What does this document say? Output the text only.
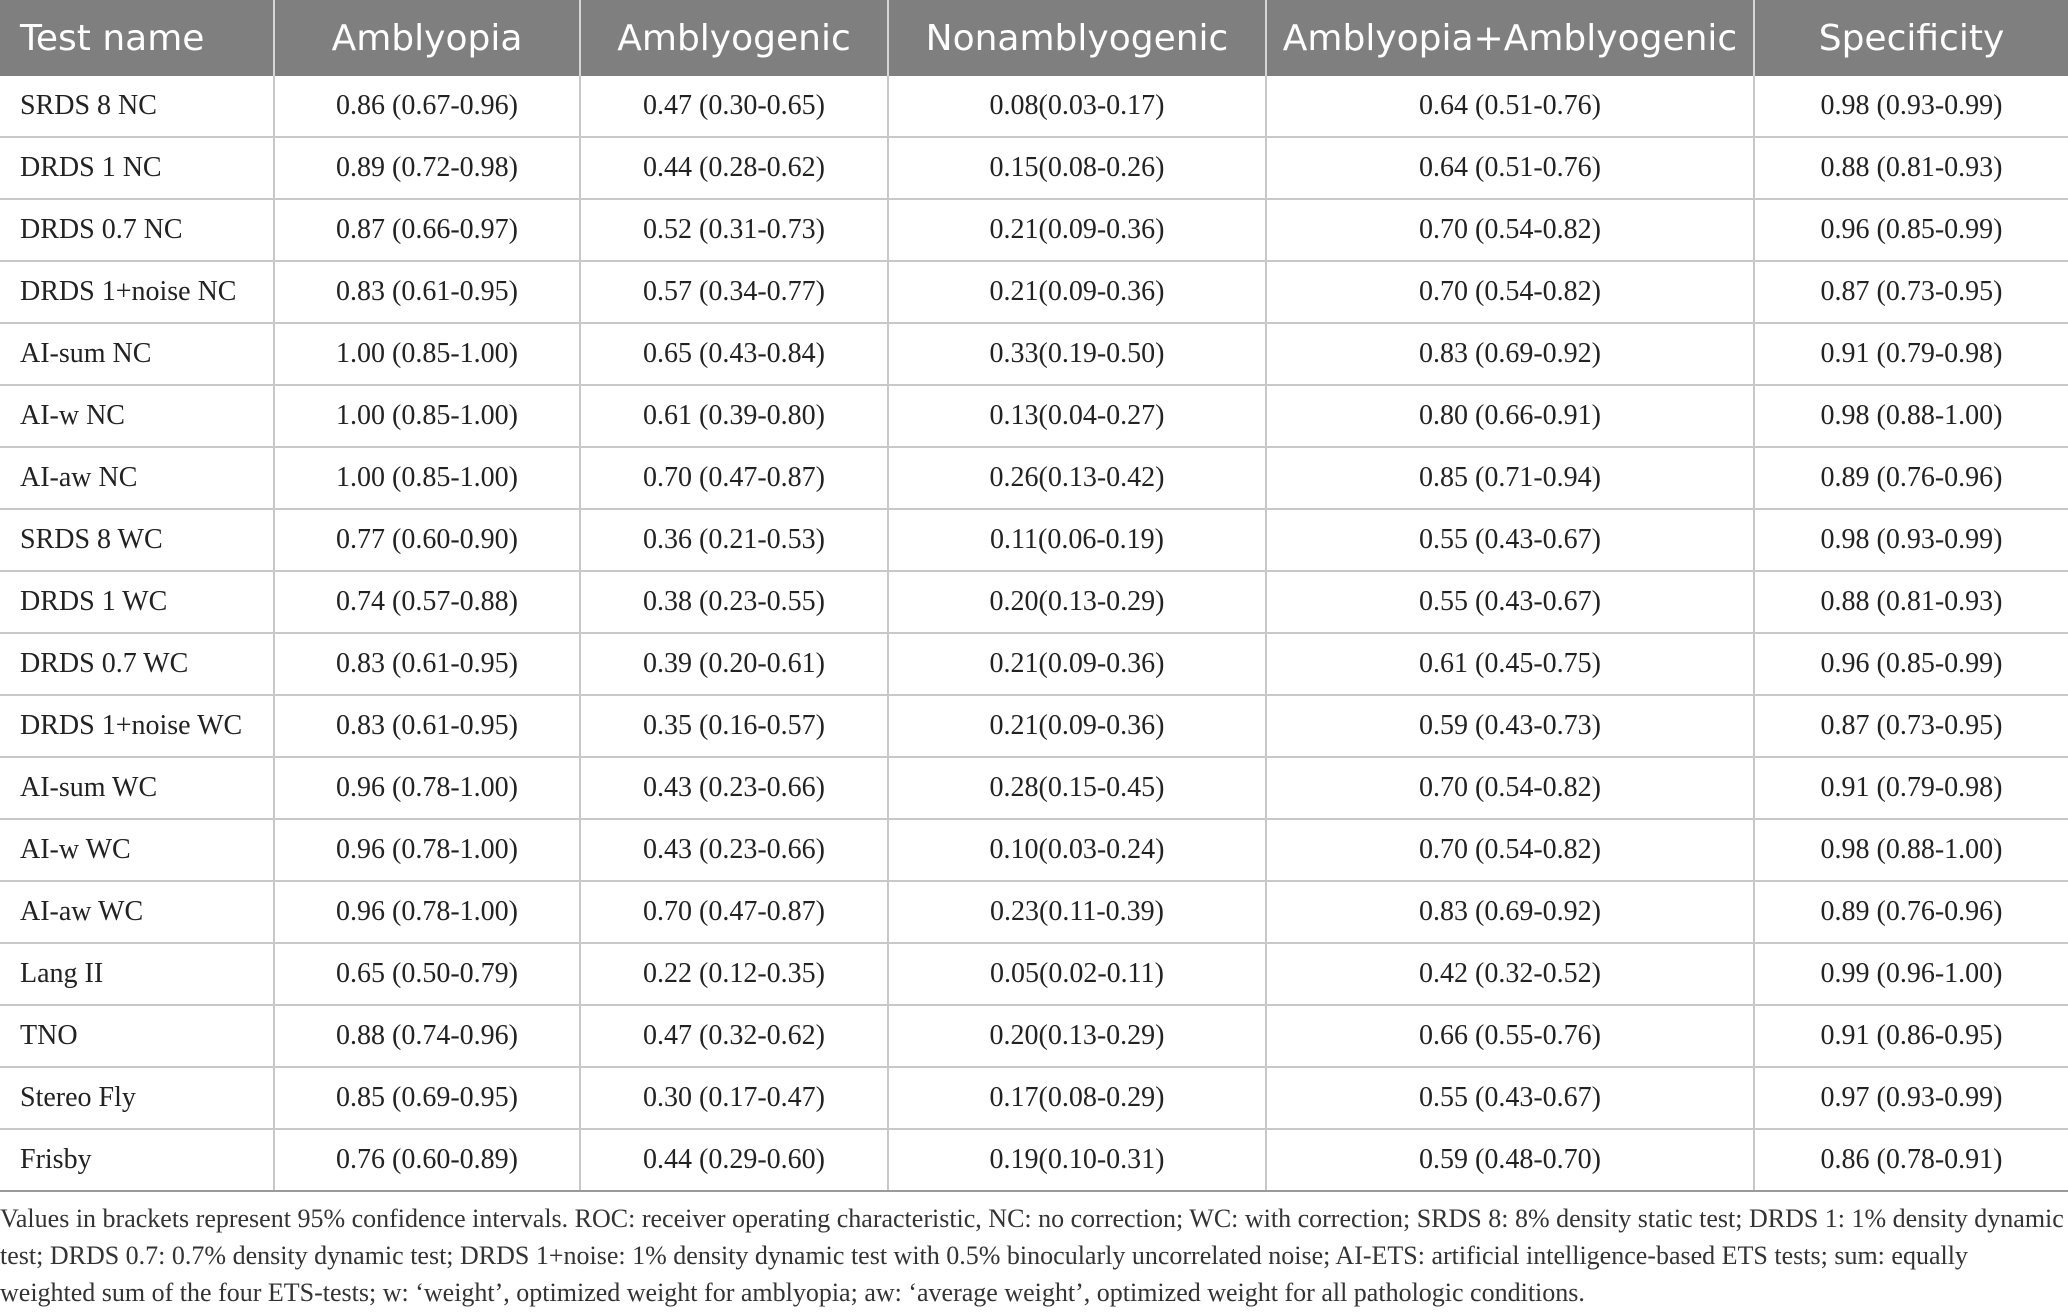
Test name	Amblyopia	Amblyogenic	Nonamblyogenic	Amblyopia+Amblyogenic	Specificity
SRDS 8 NC	0.86 (0.67-0.96)	0.47 (0.30-0.65)	0.08(0.03-0.17)	0.64 (0.51-0.76)	0.98 (0.93-0.99)
DRDS 1 NC	0.89 (0.72-0.98)	0.44 (0.28-0.62)	0.15(0.08-0.26)	0.64 (0.51-0.76)	0.88 (0.81-0.93)
DRDS 0.7 NC	0.87 (0.66-0.97)	0.52 (0.31-0.73)	0.21(0.09-0.36)	0.70 (0.54-0.82)	0.96 (0.85-0.99)
DRDS 1+noise NC	0.83 (0.61-0.95)	0.57 (0.34-0.77)	0.21(0.09-0.36)	0.70 (0.54-0.82)	0.87 (0.73-0.95)
AI-sum NC	1.00 (0.85-1.00)	0.65 (0.43-0.84)	0.33(0.19-0.50)	0.83 (0.69-0.92)	0.91 (0.79-0.98)
AI-w NC	1.00 (0.85-1.00)	0.61 (0.39-0.80)	0.13(0.04-0.27)	0.80 (0.66-0.91)	0.98 (0.88-1.00)
AI-aw NC	1.00 (0.85-1.00)	0.70 (0.47-0.87)	0.26(0.13-0.42)	0.85 (0.71-0.94)	0.89 (0.76-0.96)
SRDS 8 WC	0.77 (0.60-0.90)	0.36 (0.21-0.53)	0.11(0.06-0.19)	0.55 (0.43-0.67)	0.98 (0.93-0.99)
DRDS 1 WC	0.74 (0.57-0.88)	0.38 (0.23-0.55)	0.20(0.13-0.29)	0.55 (0.43-0.67)	0.88 (0.81-0.93)
DRDS 0.7 WC	0.83 (0.61-0.95)	0.39 (0.20-0.61)	0.21(0.09-0.36)	0.61 (0.45-0.75)	0.96 (0.85-0.99)
DRDS 1+noise WC	0.83 (0.61-0.95)	0.35 (0.16-0.57)	0.21(0.09-0.36)	0.59 (0.43-0.73)	0.87 (0.73-0.95)
AI-sum WC	0.96 (0.78-1.00)	0.43 (0.23-0.66)	0.28(0.15-0.45)	0.70 (0.54-0.82)	0.91 (0.79-0.98)
AI-w WC	0.96 (0.78-1.00)	0.43 (0.23-0.66)	0.10(0.03-0.24)	0.70 (0.54-0.82)	0.98 (0.88-1.00)
AI-aw WC	0.96 (0.78-1.00)	0.70 (0.47-0.87)	0.23(0.11-0.39)	0.83 (0.69-0.92)	0.89 (0.76-0.96)
Lang II	0.65 (0.50-0.79)	0.22 (0.12-0.35)	0.05(0.02-0.11)	0.42 (0.32-0.52)	0.99 (0.96-1.00)
TNO	0.88 (0.74-0.96)	0.47 (0.32-0.62)	0.20(0.13-0.29)	0.66 (0.55-0.76)	0.91 (0.86-0.95)
Stereo Fly	0.85 (0.69-0.95)	0.30 (0.17-0.47)	0.17(0.08-0.29)	0.55 (0.43-0.67)	0.97 (0.93-0.99)
Frisby	0.76 (0.60-0.89)	0.44 (0.29-0.60)	0.19(0.10-0.31)	0.59 (0.48-0.70)	0.86 (0.78-0.91)

Values in brackets represent 95% confidence intervals. ROC: receiver operating characteristic, NC: no correction; WC: with correction; SRDS 8: 8% density static test; DRDS 1: 1% density dynamic test; DRDS 0.7: 0.7% density dynamic test; DRDS 1+noise: 1% density dynamic test with 0.5% binocularly uncorrelated noise; AI-ETS: artificial intelligence-based ETS tests; sum: equally weighted sum of the four ETS-tests; w: ‘weight’, optimized weight for amblyopia; aw: ‘average weight’, optimized weight for all pathologic conditions.
